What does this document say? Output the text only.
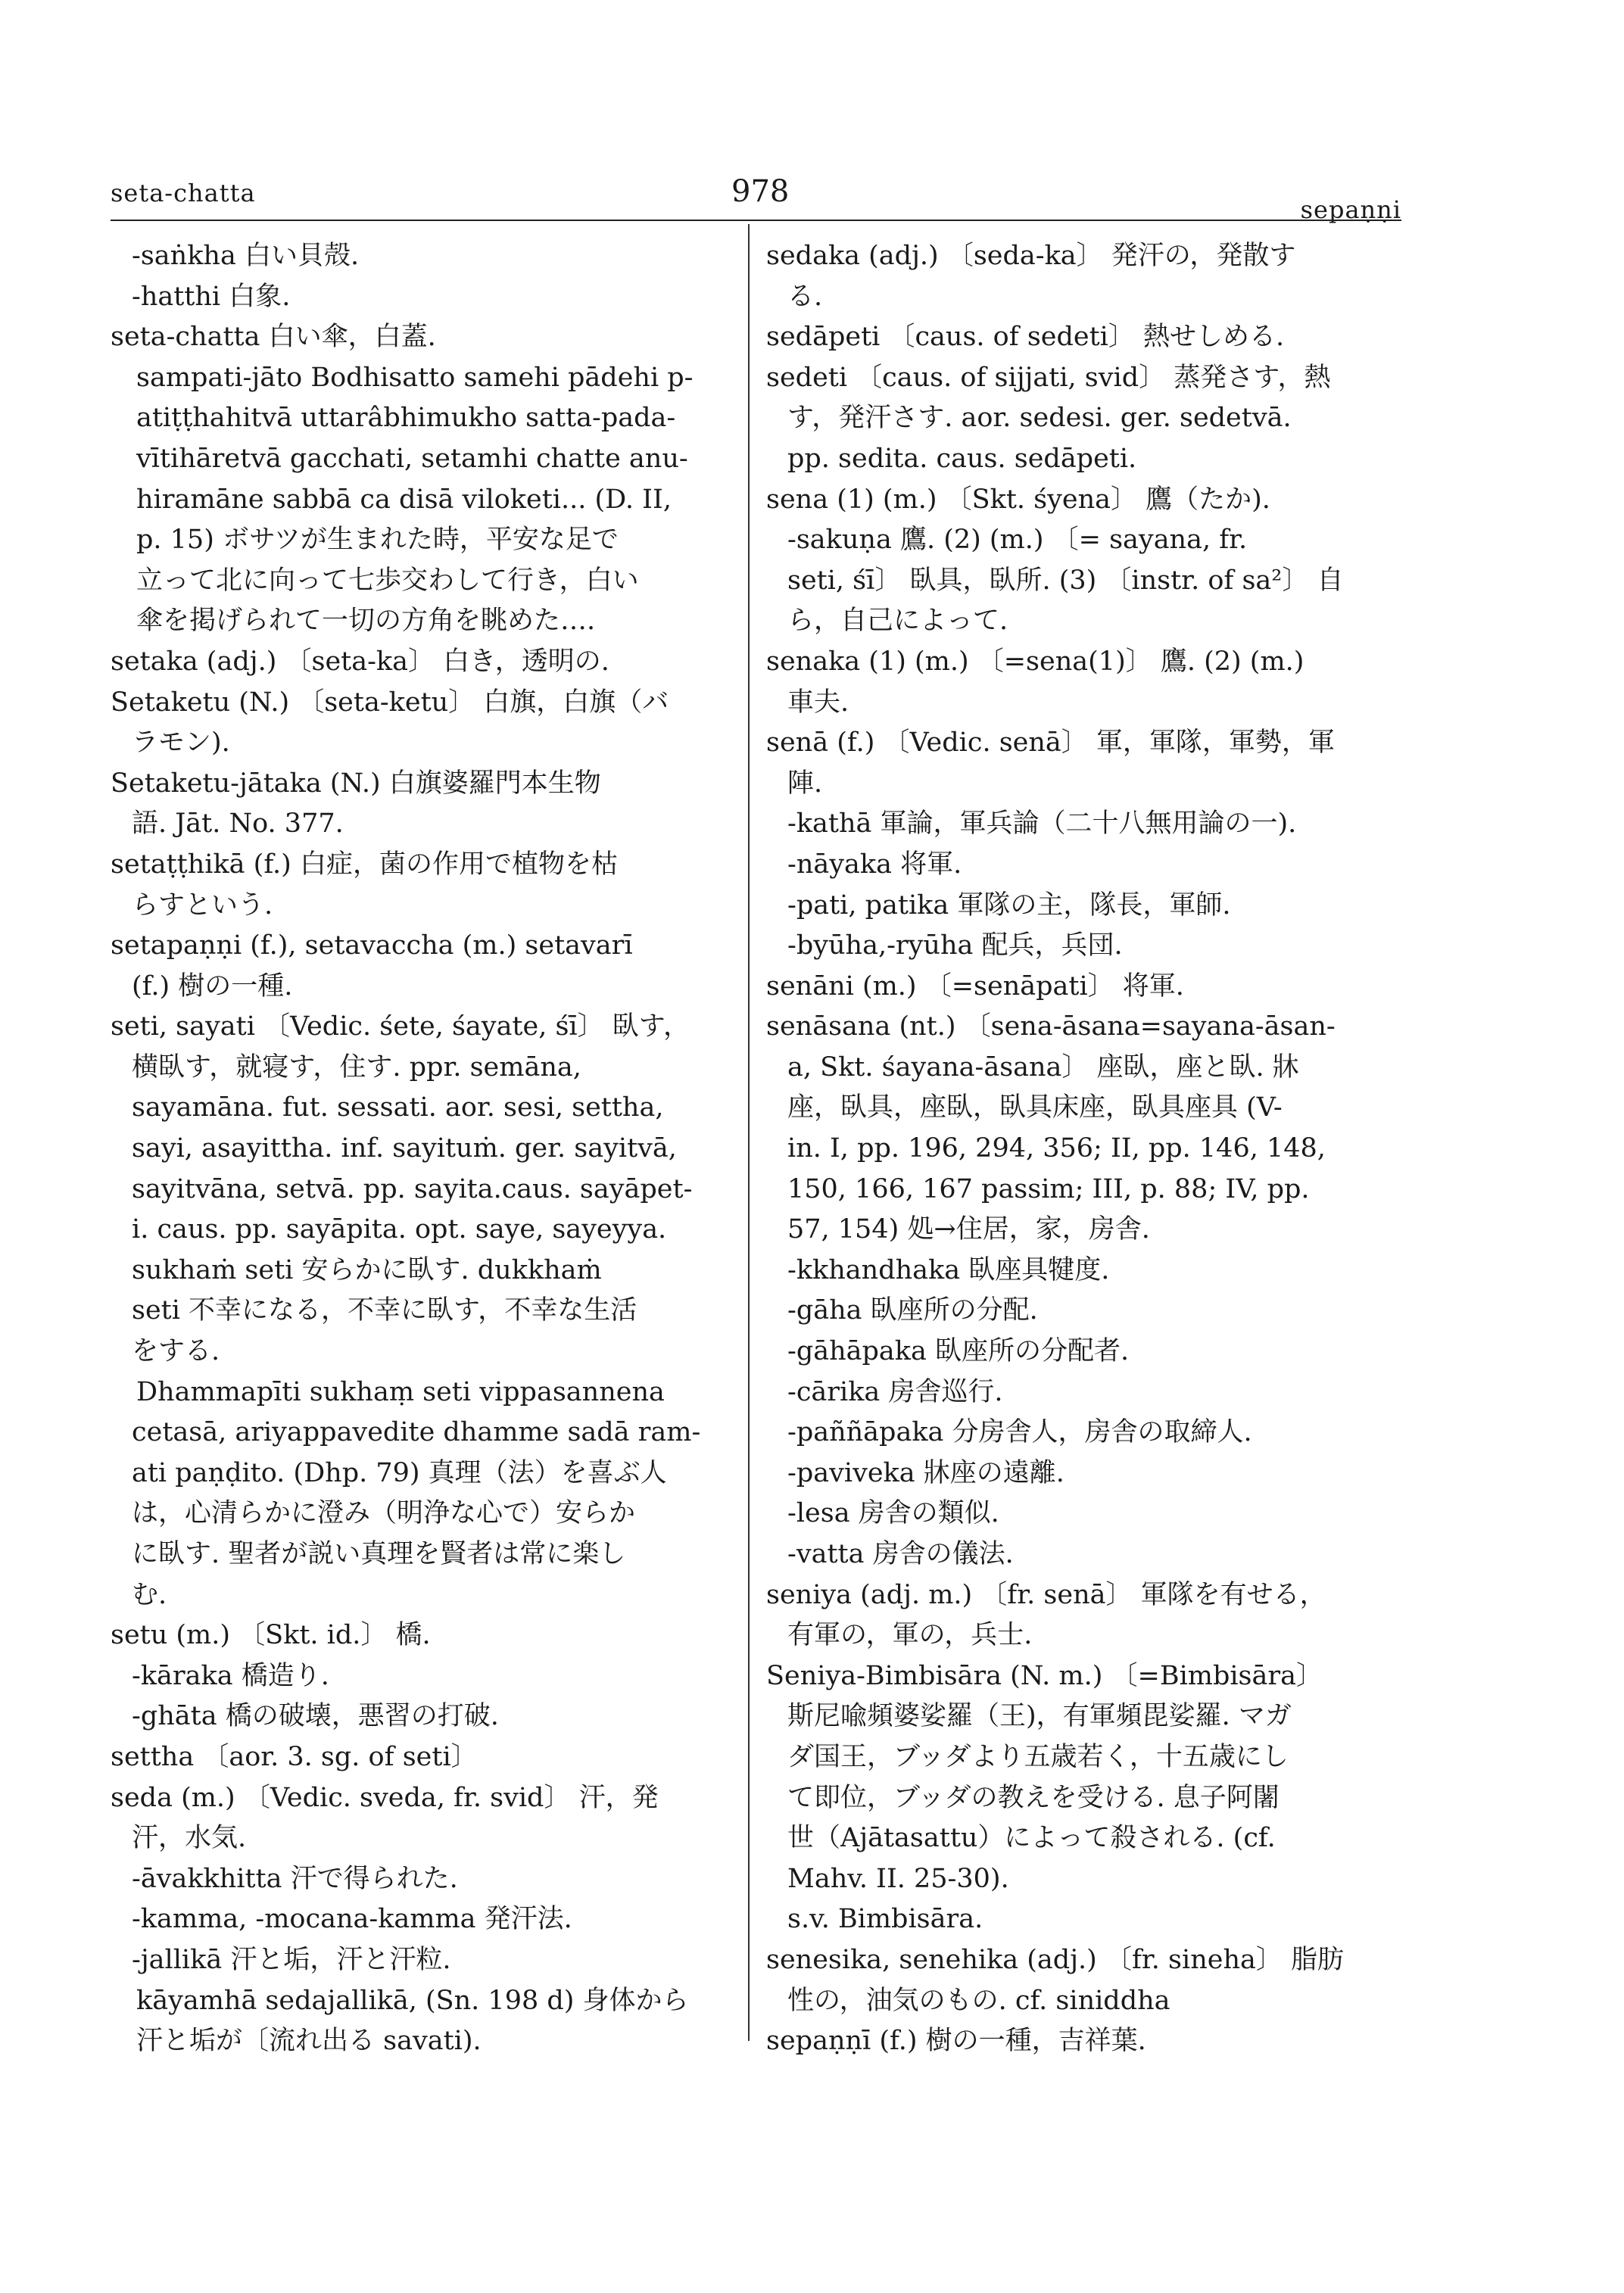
seta-chatta	978
sepaṇṇi
-saṅkha 白い貝殻.
-hatthi 白象.
seta-chatta 白い傘，白蓋.
sampati-jāto Bodhisatto samehi pādehi p-
atiṭṭhahitvā uttarâbhimukho satta-pada-
vītihāretvā gacchati, setamhi chatte anu-
hiramāne sabbā ca disā viloketi... (D. II,
p. 15) ボサツが生まれた時，平安な足で
立って北に向って七歩交わして行き，白い
傘を掲げられて一切の方角を眺めた….
setaka (adj.) 〔seta-ka〕 白き，透明の.
Setaketu (N.) 〔seta-ketu〕 白旗，白旗（バ
ラモン).
Setaketu-jātaka (N.) 白旗婆羅門本生物
語. Jāt. No. 377.
setaṭṭhikā (f.) 白症，菌の作用で植物を枯
らすという.
setapaṇṇi (f.), setavaccha (m.) setavarī
(f.) 樹の一種.
seti, sayati 〔Vedic. śete, śayate, śī〕 臥す，
横臥す，就寝す，住す. ppr. semāna,
sayamāna. fut. sessati. aor. sesi, settha,
sayi, asayittha. inf. sayituṁ. ger. sayitvā,
sayitvāna, setvā. pp. sayita.caus. sayāpet-
i. caus. pp. sayāpita. opt. saye, sayeyya.
sukhaṁ seti 安らかに臥す. dukkhaṁ
seti 不幸になる，不幸に臥す，不幸な生活
をする.
Dhammapīti sukhaṃ seti vippasannena
cetasā, ariyappavedite dhamme sadā ram-
ati paṇḍito. (Dhp. 79) 真理（法）を喜ぶ人
は，心清らかに澄み（明浄な心で）安らか
に臥す. 聖者が説い真理を賢者は常に楽し
む.
setu (m.) 〔Skt. id.〕 橋.
-kāraka 橋造り.
-ghāta 橋の破壊，悪習の打破.
settha 〔aor. 3. sg. of seti〕
seda (m.) 〔Vedic. sveda, fr. svid〕 汗，発
汗，水気.
-āvakkhitta 汗で得られた.
-kamma, -mocana-kamma 発汗法.
-jallikā 汗と垢，汗と汗粒.
kāyamhā sedajallikā, (Sn. 198 d) 身体から
汗と垢が〔流れ出る savati).
sedaka (adj.) 〔seda-ka〕 発汗の，発散す
る.
sedāpeti 〔caus. of sedeti〕 熱せしめる.
sedeti 〔caus. of sijjati, svid〕 蒸発さす，熱
す，発汗さす. aor. sedesi. ger. sedetvā.
pp. sedita. caus. sedāpeti.
sena (1) (m.) 〔Skt. śyena〕 鷹（たか).
-sakuṇa 鷹. (2) (m.) 〔= sayana, fr.
seti, śī〕 臥具，臥所. (3) 〔instr. of sa²〕 自
ら，自己によって.
senaka (1) (m.) 〔=sena(1)〕 鷹. (2) (m.)
車夫.
senā (f.) 〔Vedic. senā〕 軍，軍隊，軍勢，軍
陣.
-kathā 軍論，軍兵論（二十八無用論の一).
-nāyaka 将軍.
-pati, patika 軍隊の主，隊長，軍師.
-byūha,-ryūha 配兵，兵団.
senāni (m.) 〔=senāpati〕 将軍.
senāsana (nt.) 〔sena-āsana=sayana-āsan-
a, Skt. śayana-āsana〕 座臥，座と臥. 牀
座，臥具，座臥，臥具床座，臥具座具 (V-
in. I, pp. 196, 294, 356; II, pp. 146, 148,
150, 166, 167 passim; III, p. 88; IV, pp.
57, 154) 処→住居，家，房舎.
-kkhandhaka 臥座具犍度.
-gāha 臥座所の分配.
-gāhāpaka 臥座所の分配者.
-cārika 房舎巡行.
-paññāpaka 分房舎人，房舎の取締人.
-paviveka 牀座の遠離.
-lesa 房舎の類似.
-vatta 房舎の儀法.
seniya (adj. m.) 〔fr. senā〕 軍隊を有せる，
有軍の，軍の，兵士.
Seniya-Bimbisāra (N. m.) 〔=Bimbisāra〕
斯尼喩頻婆娑羅（王)，有軍頻毘娑羅. マガ
ダ国王，ブッダより五歳若く，十五歳にし
て即位，ブッダの教えを受ける. 息子阿闍
世（Ajātasattu）によって殺される. (cf.
Mahv. II. 25-30).
s.v. Bimbisāra.
senesika, senehika (adj.) 〔fr. sineha〕 脂肪
性の，油気のもの. cf. siniddha
sepaṇṇī (f.) 樹の一種，吉祥葉.
